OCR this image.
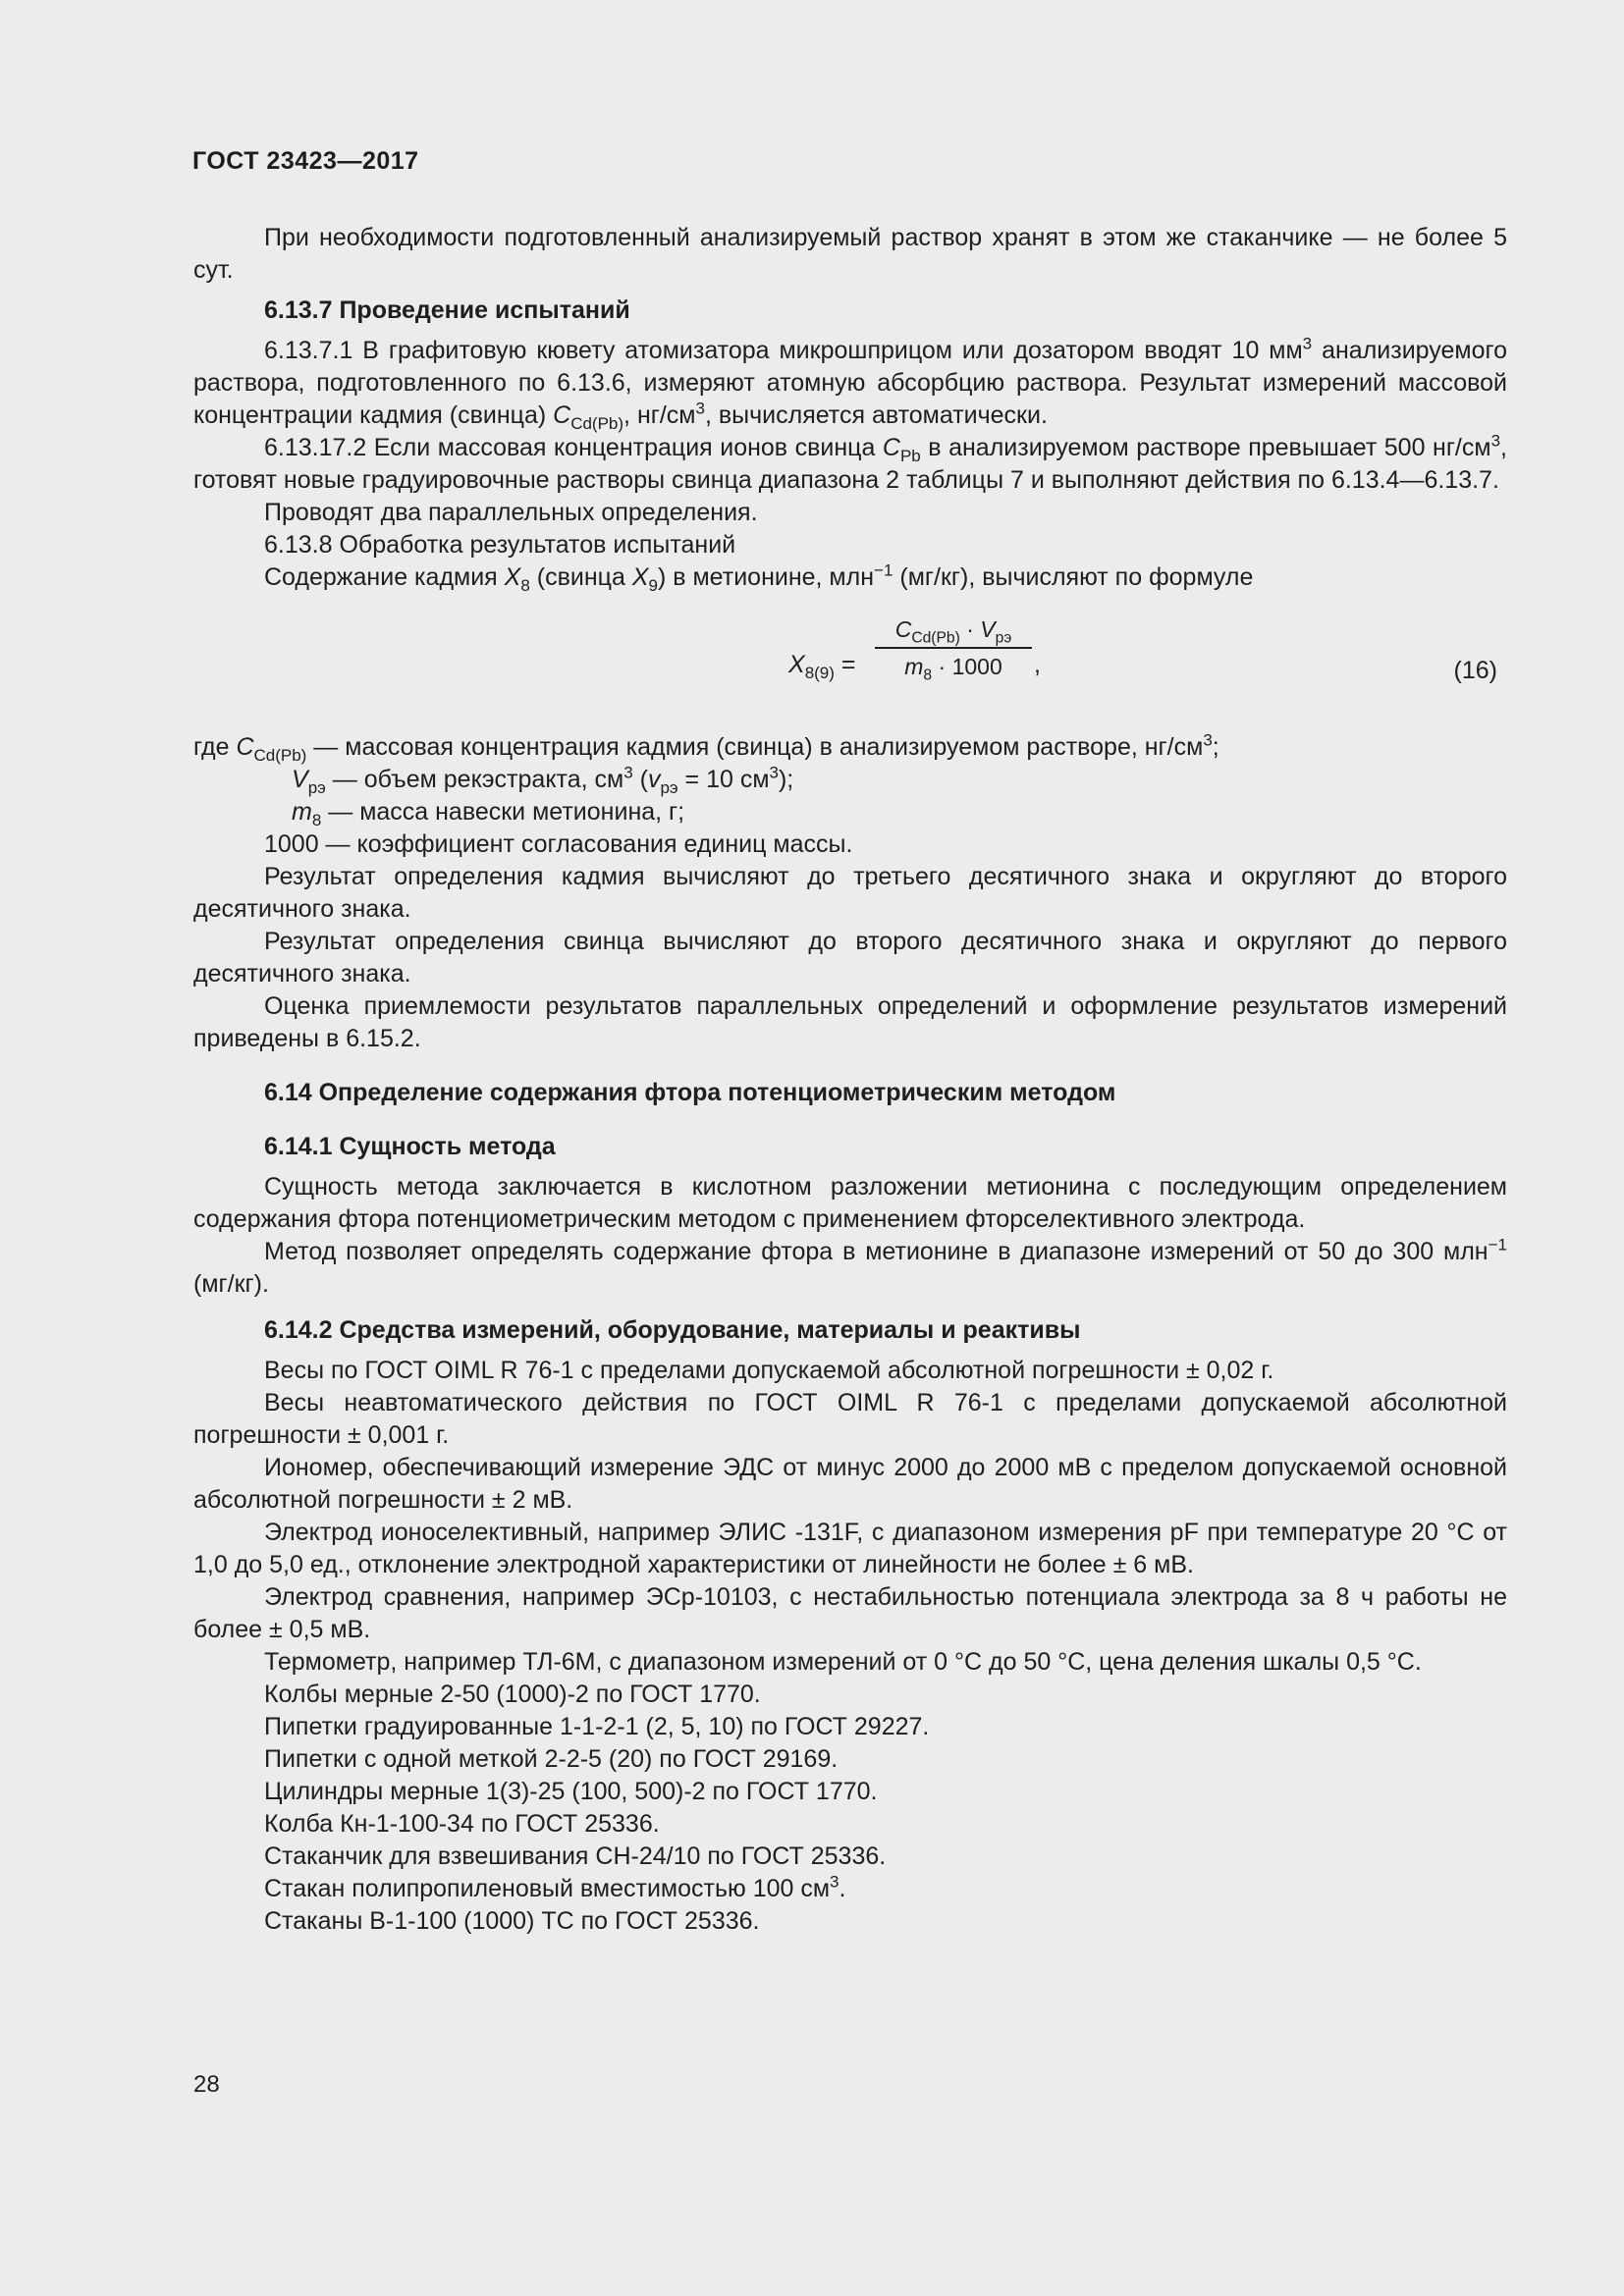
ГОСТ 23423—2017

При необходимости подготовленный анализируемый раствор хранят в этом же стаканчике — не более 5 сут.

6.13.7 Проведение испытаний

6.13.7.1 В графитовую кювету атомизатора микрошприцом или дозатором вводят 10 $мм^3$ анализируемого раствора, подготовленного по 6.13.6, измеряют атомную абсорбцию раствора. Результат измерений массовой концентрации кадмия (свинца) $C_{Cd(Pb)}$, $нг/см^3$, вычисляется автоматически.

6.13.17.2 Если массовая концентрация ионов свинца $C_{Pb}$ в анализируемом растворе превышает 500 $нг/см^3$, готовят новые градуировочные растворы свинца диапазона 2 таблицы 7 и выполняют действия по 6.13.4—6.13.7.

Проводят два параллельных определения.

6.13.8 Обработка результатов испытаний

Содержание кадмия $X_8$ (свинца $X_9$) в метионине, млн$^{-1}$ (мг/кг), вычисляют по формуле

$X_{8(9)}$ =
$C_{Cd(Pb)} \cdot V_{рэ}$
$m_8 \cdot 1000$	,	(16)

где $C_{Cd(Pb)}$ — массовая концентрация кадмия (свинца) в анализируемом растворе, $нг/см^3$;

$V_{рэ}$ — объем рекэстракта, $см^3$ ($v_{рэ} = 10$ $см^3$);

$m_8$ — масса навески метионина, г;

1000 — коэффициент согласования единиц массы.

Результат определения кадмия вычисляют до третьего десятичного знака и округляют до второго десятичного знака.

Результат определения свинца вычисляют до второго десятичного знака и округляют до первого десятичного знака.

Оценка приемлемости результатов параллельных определений и оформление результатов измерений приведены в 6.15.2.

6.14 Определение содержания фтора потенциометрическим методом

6.14.1 Сущность метода

Сущность метода заключается в кислотном разложении метионина с последующим определением содержания фтора потенциометрическим методом с применением фторселективного электрода.

Метод позволяет определять содержание фтора в метионине в диапазоне измерений от 50 до 300 млн$^{-1}$ (мг/кг).

6.14.2 Средства измерений, оборудование, материалы и реактивы

Весы по ГОСТ OIML R 76-1 с пределами допускаемой абсолютной погрешности ± 0,02 г.

Весы неавтоматического действия по ГОСТ OIML R 76-1 с пределами допускаемой абсолютной погрешности ± 0,001 г.

Иономер, обеспечивающий измерение ЭДС от минус 2000 до 2000 мВ с пределом допускаемой основной абсолютной погрешности ± 2 мВ.

Электрод ионоселективный, например ЭЛИС -131F, с диапазоном измерения pF при температуре 20 °С от 1,0 до 5,0 ед., отклонение электродной характеристики от линейности не более ± 6 мВ.

Электрод сравнения, например ЭСр-10103, с нестабильностью потенциала электрода за 8 ч работы не более ± 0,5 мВ.

Термометр, например ТЛ-6М, с диапазоном измерений от 0 °С до 50 °С, цена деления шкалы 0,5 °С.

Колбы мерные 2-50 (1000)-2 по ГОСТ 1770.

Пипетки градуированные 1-1-2-1 (2, 5, 10) по ГОСТ 29227.

Пипетки с одной меткой 2-2-5 (20) по ГОСТ 29169.

Цилиндры мерные 1(3)-25 (100, 500)-2 по ГОСТ 1770.

Колба Кн-1-100-34 по ГОСТ 25336.

Стаканчик для взвешивания СН-24/10 по ГОСТ 25336.

Стакан полипропиленовый вместимостью 100 $см^3$.

Стаканы В-1-100 (1000) ТС по ГОСТ 25336.

28
